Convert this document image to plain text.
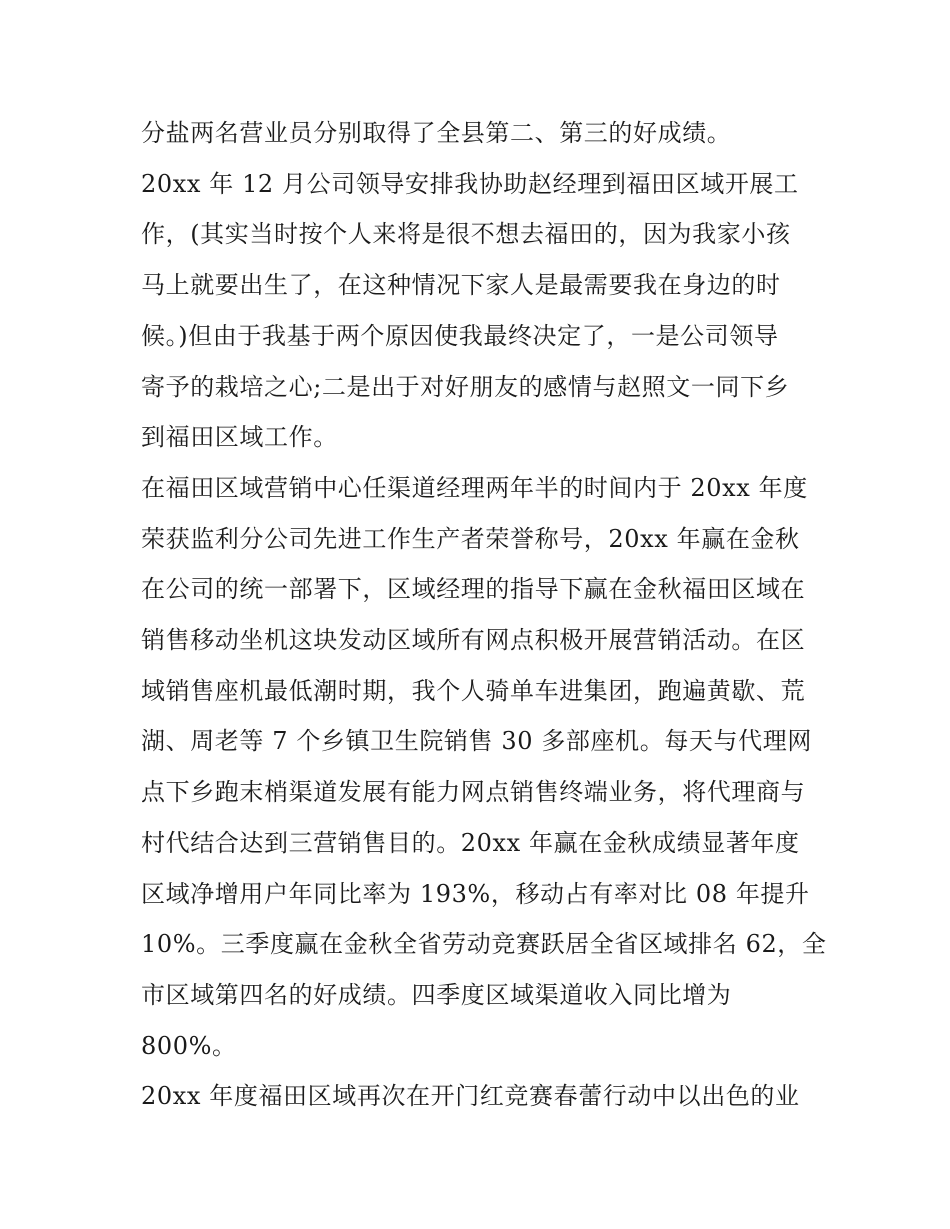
分盐两名营业员分别取得了全县第二、第三的好成绩。
20xx 年 12 月公司领导安排我协助赵经理到福田区域开展工
作，(其实当时按个人来将是很不想去福田的，因为我家小孩
马上就要出生了，在这种情况下家人是最需要我在身边的时
候。)但由于我基于两个原因使我最终决定了，一是公司领导
寄予的栽培之心;二是出于对好朋友的感情与赵照文一同下乡
到福田区域工作。
在福田区域营销中心任渠道经理两年半的时间内于 20xx 年度
荣获监利分公司先进工作生产者荣誉称号，20xx 年赢在金秋
在公司的统一部署下，区域经理的指导下赢在金秋福田区域在
销售移动坐机这块发动区域所有网点积极开展营销活动。在区
域销售座机最低潮时期，我个人骑单车进集团，跑遍黄歇、荒
湖、周老等 7 个乡镇卫生院销售 30 多部座机。每天与代理网
点下乡跑末梢渠道发展有能力网点销售终端业务，将代理商与
村代结合达到三营销售目的。20xx 年赢在金秋成绩显著年度
区域净增用户年同比率为 193%，移动占有率对比 08 年提升
10%。三季度赢在金秋全省劳动竞赛跃居全省区域排名 62，全
市区域第四名的好成绩。四季度区域渠道收入同比增为
800%。
20xx 年度福田区域再次在开门红竞赛春蕾行动中以出色的业
